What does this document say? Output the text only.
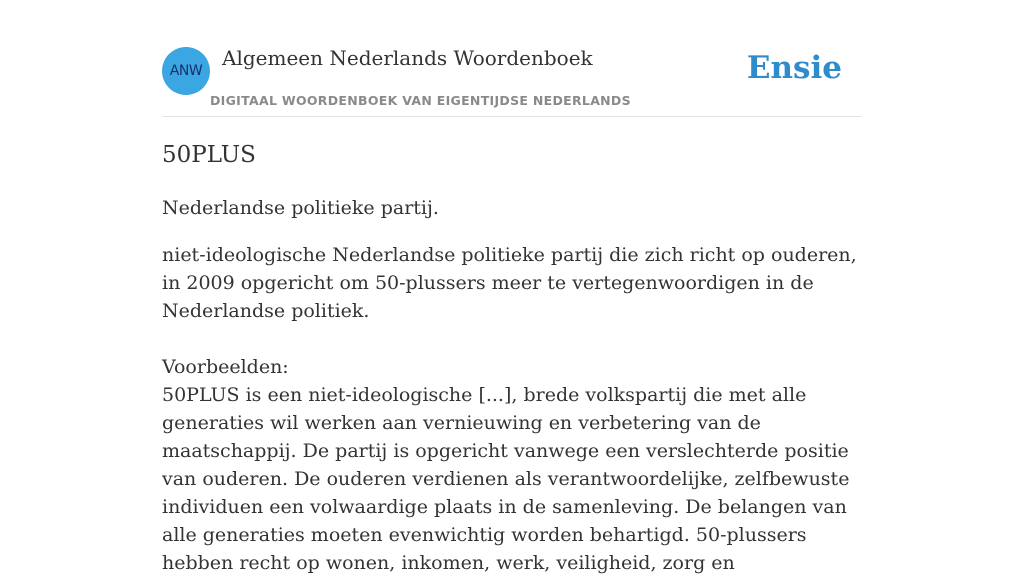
ANW
Algemeen Nederlands Woordenboek
DIGITAAL WOORDENBOEK VAN EIGENTIJDSE NEDERLANDS
Ensie
50PLUS

Nederlandse politieke partij.

niet-ideologische Nederlandse politieke partij die zich richt op ouderen, in 2009 opgericht om 50-plussers meer te vertegenwoordigen in de Nederlandse politiek.

Voorbeelden:

50PLUS is een niet-ideologische [...], brede volkspartij die met alle generaties wil werken aan vernieuwing en verbetering van de maatschappij. De partij is opgericht vanwege een verslechterde positie van ouderen. De ouderen verdienen als verantwoordelijke, zelfbewuste individuen een volwaardige plaats in de samenleving. De belangen van alle generaties moeten evenwichtig worden behartigd. 50-plussers hebben recht op wonen, inkomen, werk, veiligheid, zorg en
